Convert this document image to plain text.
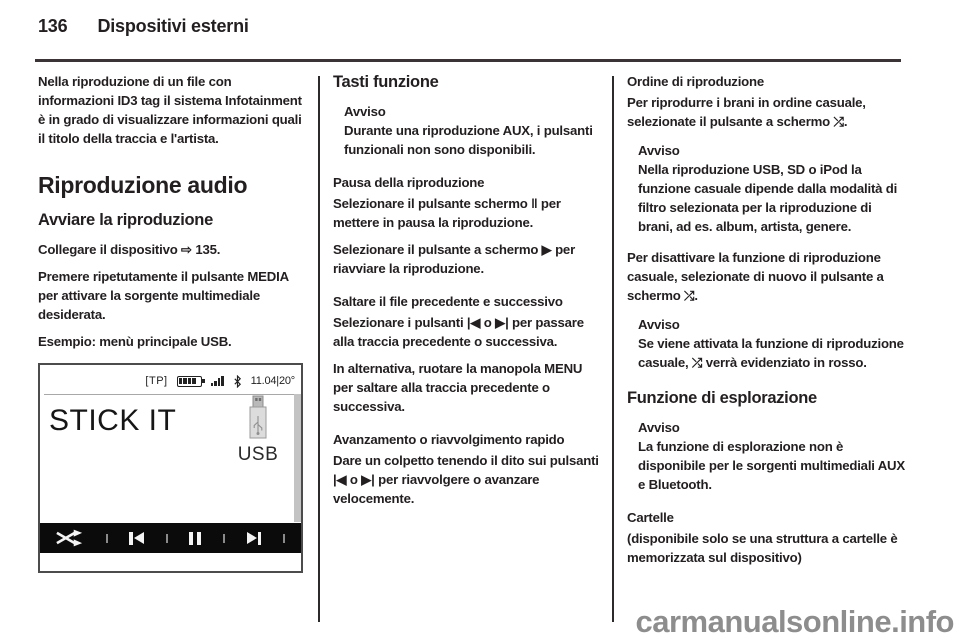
136 Dispositivi esterni

Nella riproduzione di un file con informazioni ID3 tag il sistema Infotainment è in grado di visualizzare informazioni quali il titolo della traccia e l'artista.

Riproduzione audio
Avviare la riproduzione

Collegare il dispositivo ⇨ 135.

Premere ripetutamente il pulsante MEDIA per attivare la sorgente multimediale desiderata.

Esempio: menù principale USB.

[TP]	11.04|20°
STICK IT
USB
Tasti funzione
Avviso
Durante una riproduzione AUX, i pulsanti funzionali non sono disponibili.
Pausa della riproduzione

Selezionare il pulsante schermo ‖ per mettere in pausa la riproduzione.

Selezionare il pulsante a schermo ▶ per riavviare la riproduzione.

Saltare il file precedente e successivo

Selezionare i pulsanti |◀ o ▶| per passare alla traccia precedente o successiva.

In alternativa, ruotare la manopola MENU per saltare alla traccia precedente o successiva.

Avanzamento o riavvolgimento rapido

Dare un colpetto tenendo il dito sui pulsanti |◀ o ▶| per riavvolgere o avanzare velocemente.

Ordine di riproduzione

Per riprodurre i brani in ordine casuale, selezionate il pulsante a schermo ⤮.

Avviso
Nella riproduzione USB, SD o iPod la funzione casuale dipende dalla modalità di filtro selezionata per la riproduzione di brani, ad es. album, artista, genere.

Per disattivare la funzione di riproduzione casuale, selezionate di nuovo il pulsante a schermo ⤮.

Avviso
Se viene attivata la funzione di riproduzione casuale, ⤮ verrà evidenziato in rosso.
Funzione di esplorazione
Avviso
La funzione di esplorazione non è disponibile per le sorgenti multimediali AUX e Bluetooth.
Cartelle

(disponibile solo se una struttura a cartelle è memorizzata sul dispositivo)

carmanualsonline.info
